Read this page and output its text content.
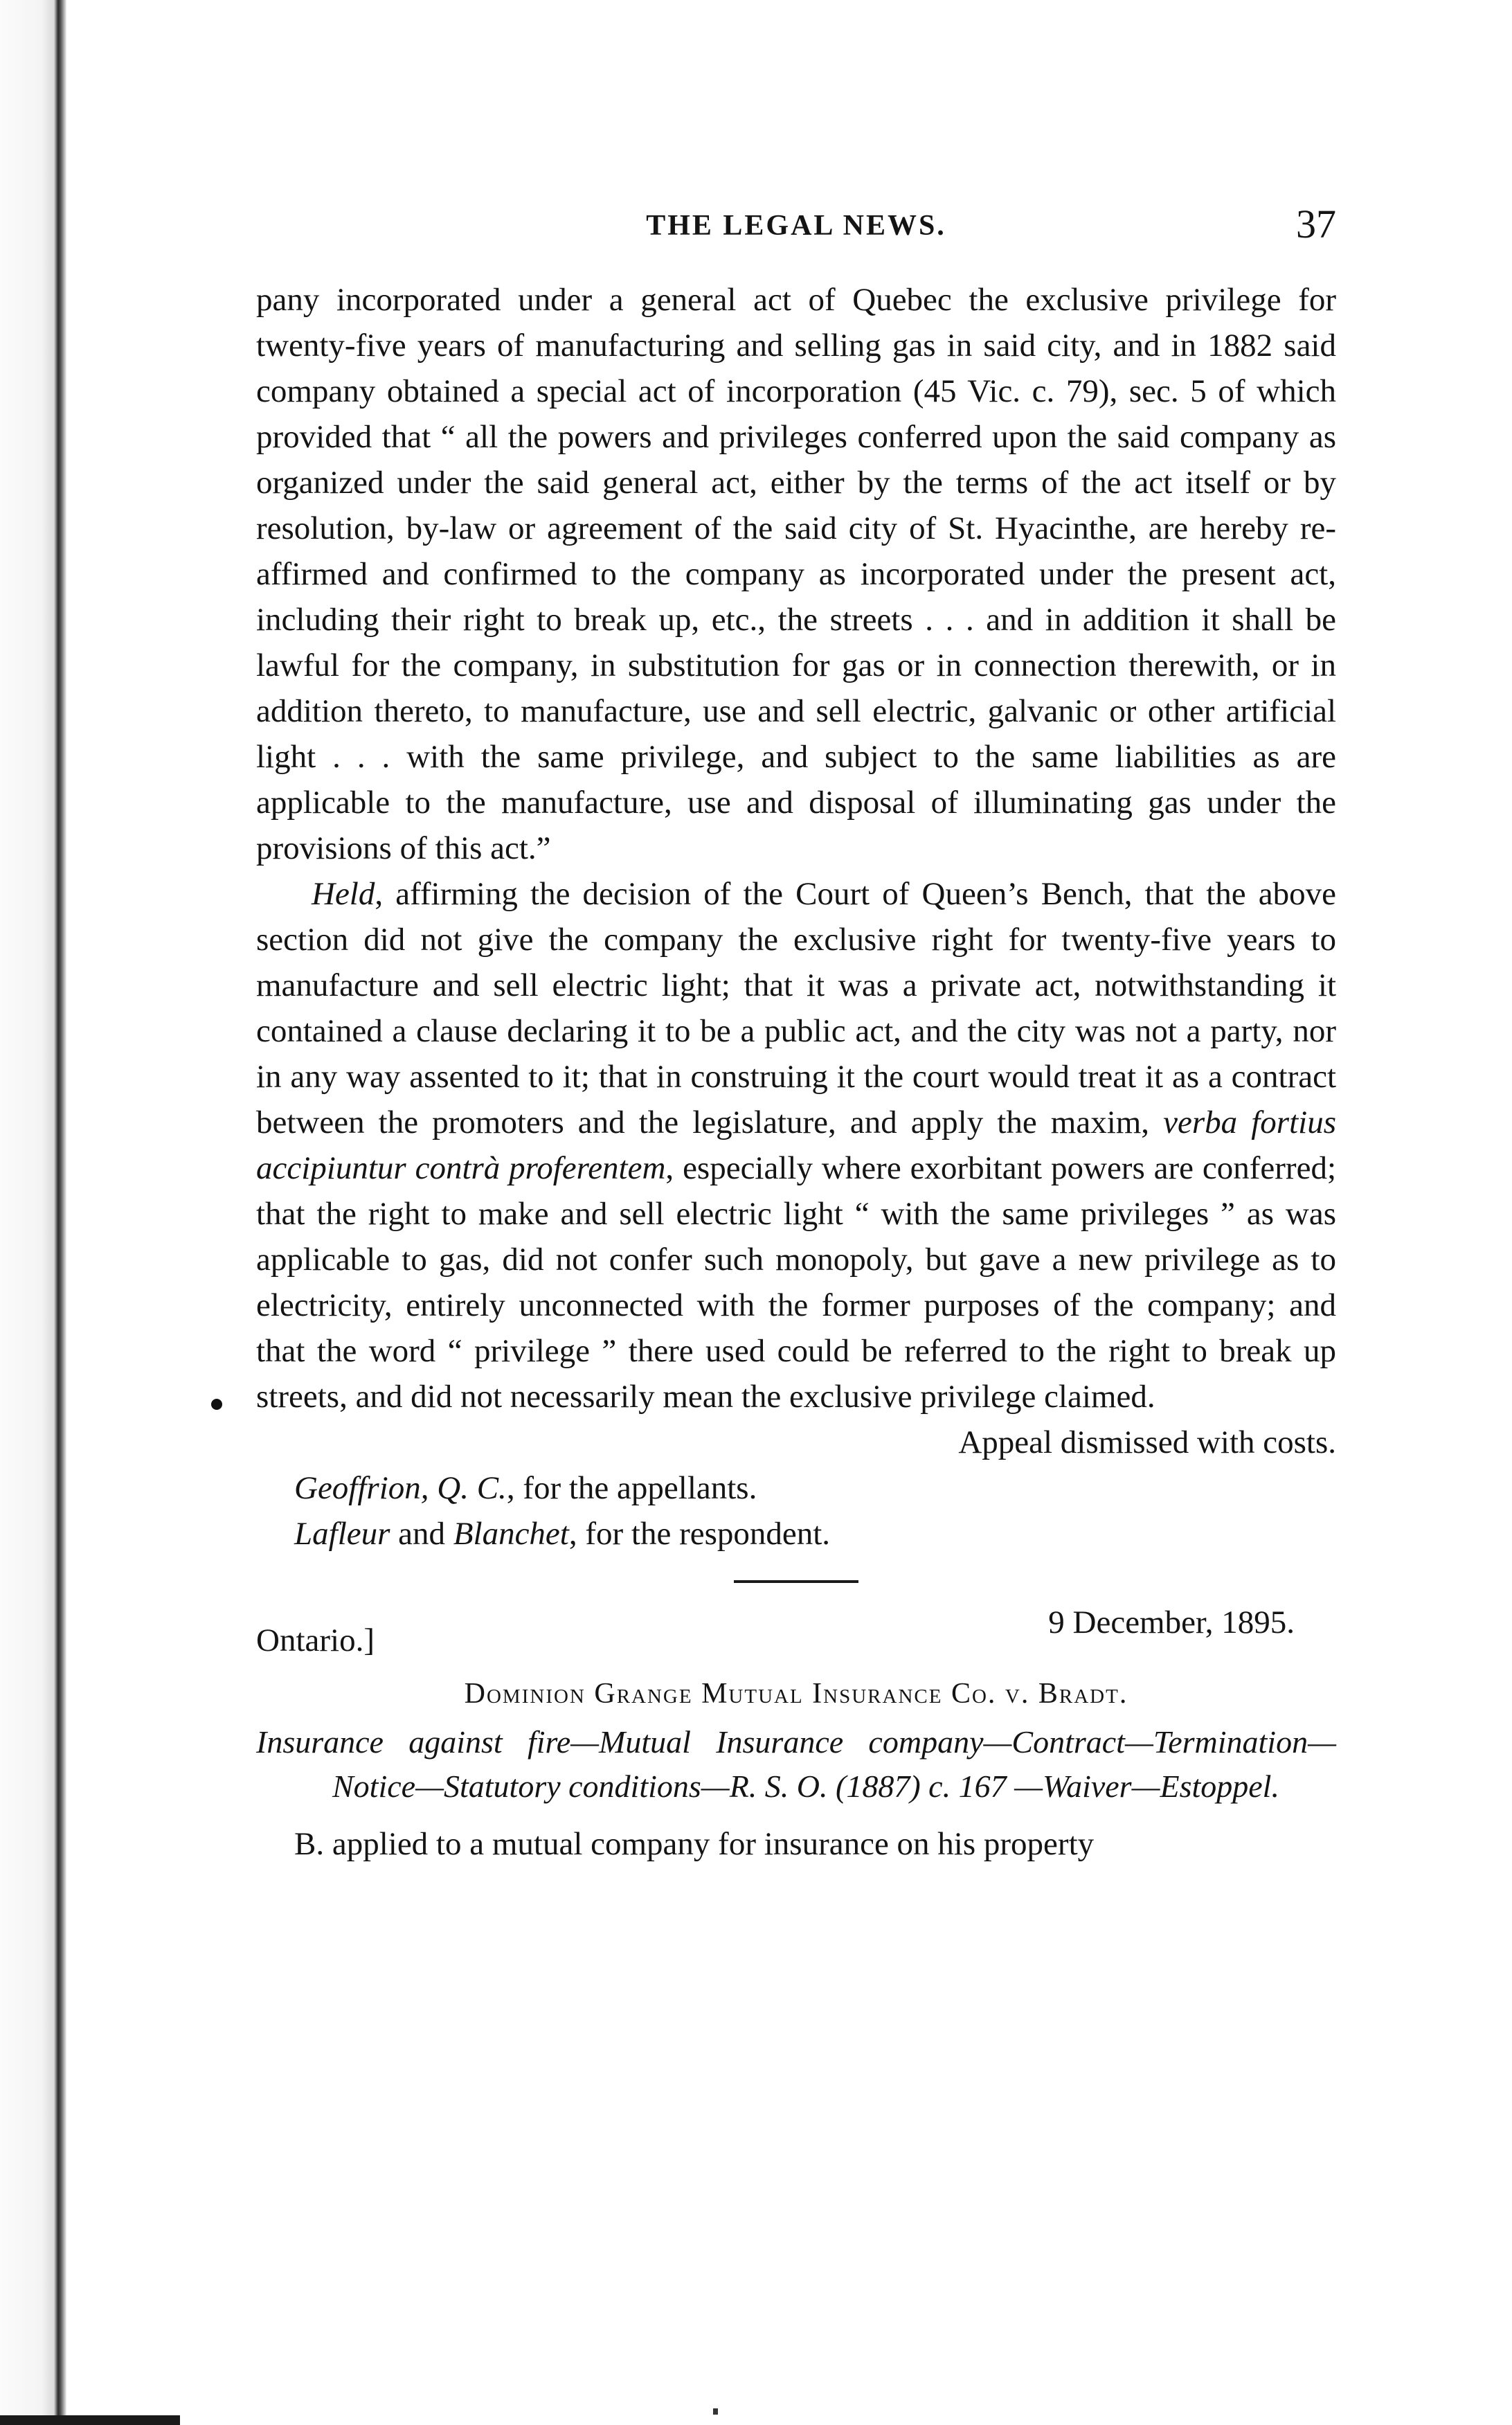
THE LEGAL NEWS.	37

pany incorporated under a general act of Quebec the exclusive privilege for twenty-five years of manufacturing and selling gas in said city, and in 1882 said company obtained a special act of incorporation (45 Vic. c. 79), sec. 5 of which provided that “ all the powers and privileges conferred upon the said company as organized under the said general act, either by the terms of the act itself or by resolution, by-law or agreement of the said city of St. Hyacinthe, are hereby re-affirmed and confirmed to the company as incorporated under the present act, including their right to break up, etc., the streets . . . and in addition it shall be lawful for the company, in substitution for gas or in connection therewith, or in addition thereto, to manufacture, use and sell electric, galvanic or other artificial light . . . with the same privilege, and subject to the same liabilities as are applicable to the manufacture, use and disposal of illuminating gas under the provisions of this act.”

Held, affirming the decision of the Court of Queen’s Bench, that the above section did not give the company the exclusive right for twenty-five years to manufacture and sell electric light; that it was a private act, notwithstanding it contained a clause declaring it to be a public act, and the city was not a party, nor in any way assented to it; that in construing it the court would treat it as a contract between the promoters and the legislature, and apply the maxim, verba fortius accipiuntur contrà proferentem, especially where exorbitant powers are conferred; that the right to make and sell electric light “ with the same privileges ” as was applicable to gas, did not confer such monopoly, but gave a new privilege as to electricity, entirely unconnected with the former purposes of the company; and that the word “ privilege ” there used could be referred to the right to break up streets, and did not necessarily mean the exclusive privilege claimed.

Appeal dismissed with costs.

Geoffrion, Q. C., for the appellants.

Lafleur and Blanchet, for the respondent.

Ontario.]	9 December, 1895.

Dominion Grange Mutual Insurance Co. v. Bradt.

Insurance against fire—Mutual Insurance company—Contract—Termination—Notice—Statutory conditions—R. S. O. (1887) c. 167 —Waiver—Estoppel.

B. applied to a mutual company for insurance on his property
